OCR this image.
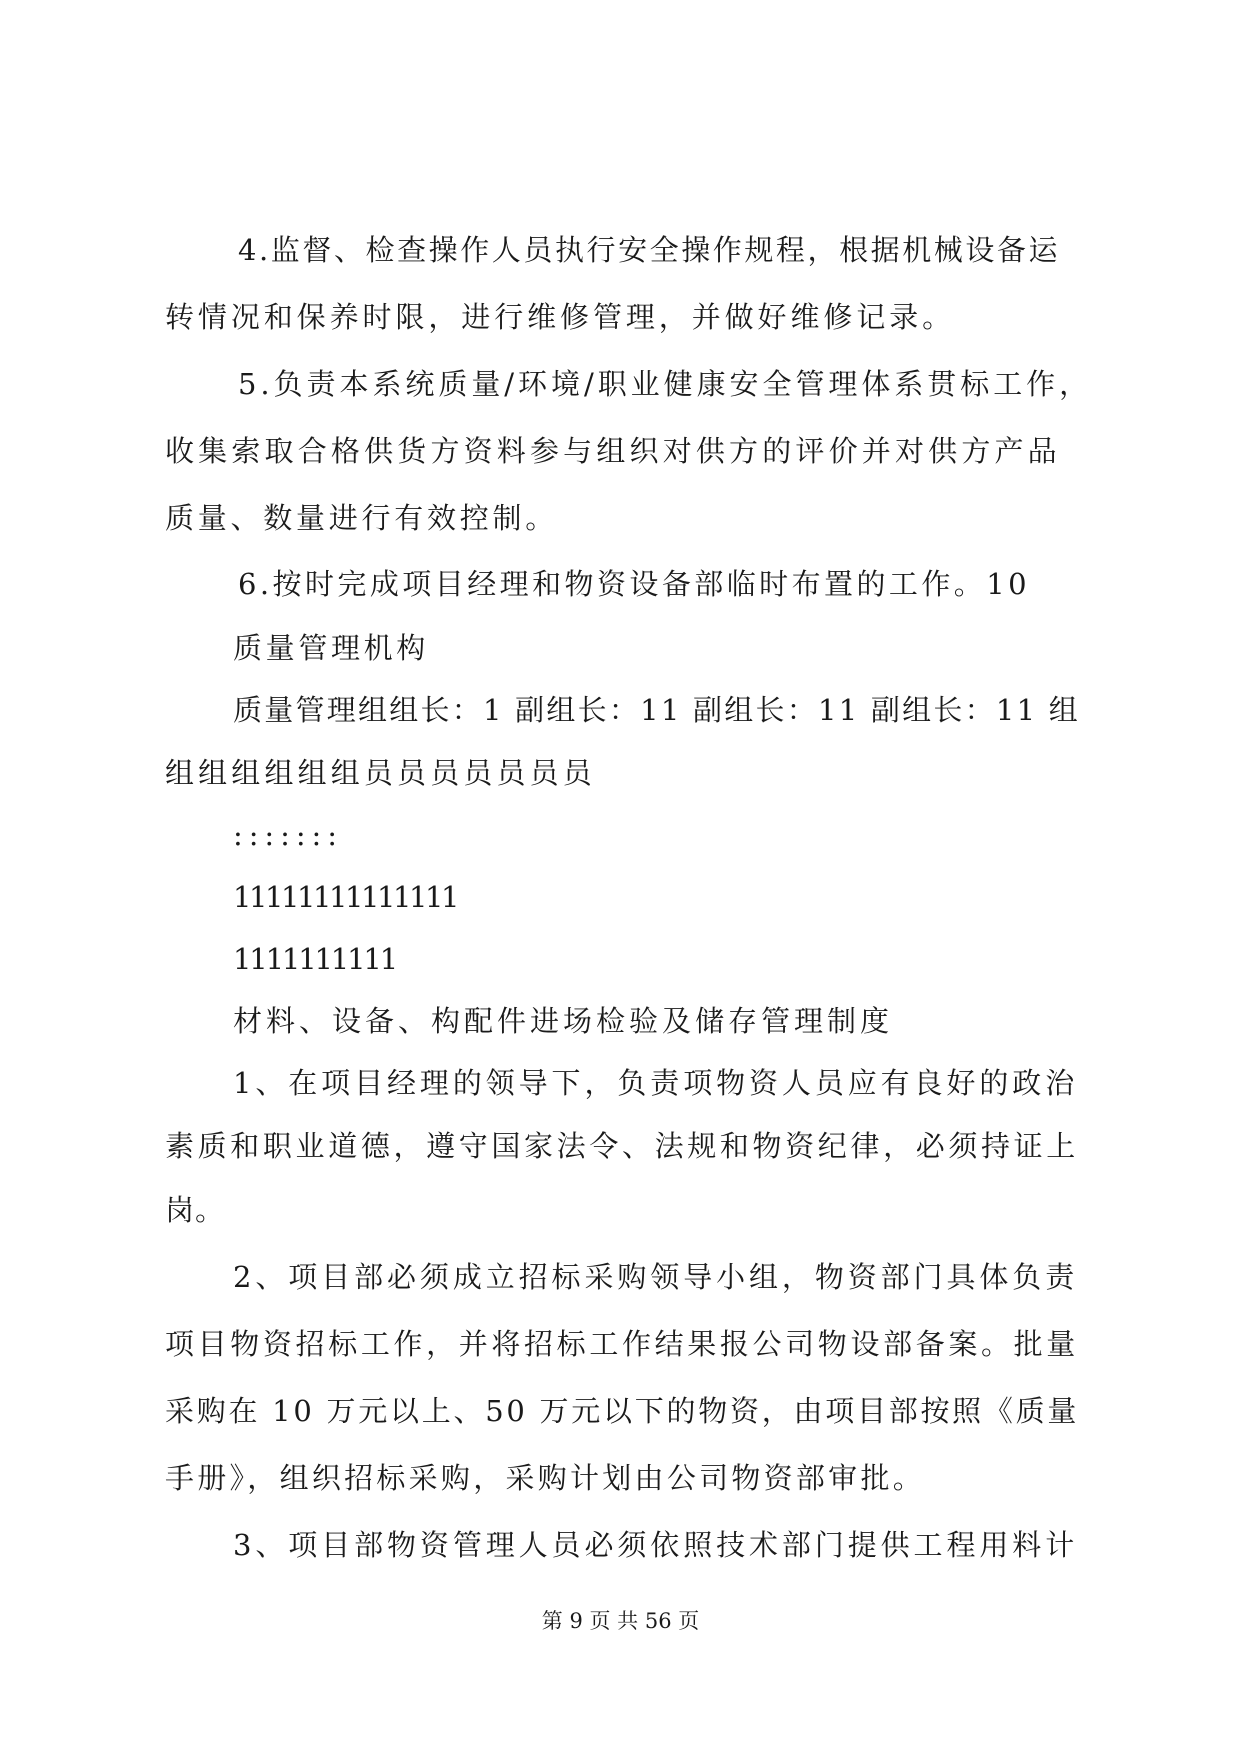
4.监督、检查操作人员执行安全操作规程，根据机械设备运
转情况和保养时限，进行维修管理，并做好维修记录。
5.负责本系统质量/环境/职业健康安全管理体系贯标工作，
收集索取合格供货方资料参与组织对供方的评价并对供方产品
质量、数量进行有效控制。
6.按时完成项目经理和物资设备部临时布置的工作。10
质量管理机构
质量管理组组长：1 副组长：11 副组长：11 副组长：11 组
组组组组组组员员员员员员员
:::::::
11111111111111
1111111111
材料、设备、构配件进场检验及储存管理制度
1、在项目经理的领导下，负责项物资人员应有良好的政治
素质和职业道德，遵守国家法令、法规和物资纪律，必须持证上
岗。
2、项目部必须成立招标采购领导小组，物资部门具体负责
项目物资招标工作，并将招标工作结果报公司物设部备案。批量
采购在 10 万元以上、50 万元以下的物资，由项目部按照《质量
手册》，组织招标采购，采购计划由公司物资部审批。
3、项目部物资管理人员必须依照技术部门提供工程用料计
第 9 页 共 56 页
